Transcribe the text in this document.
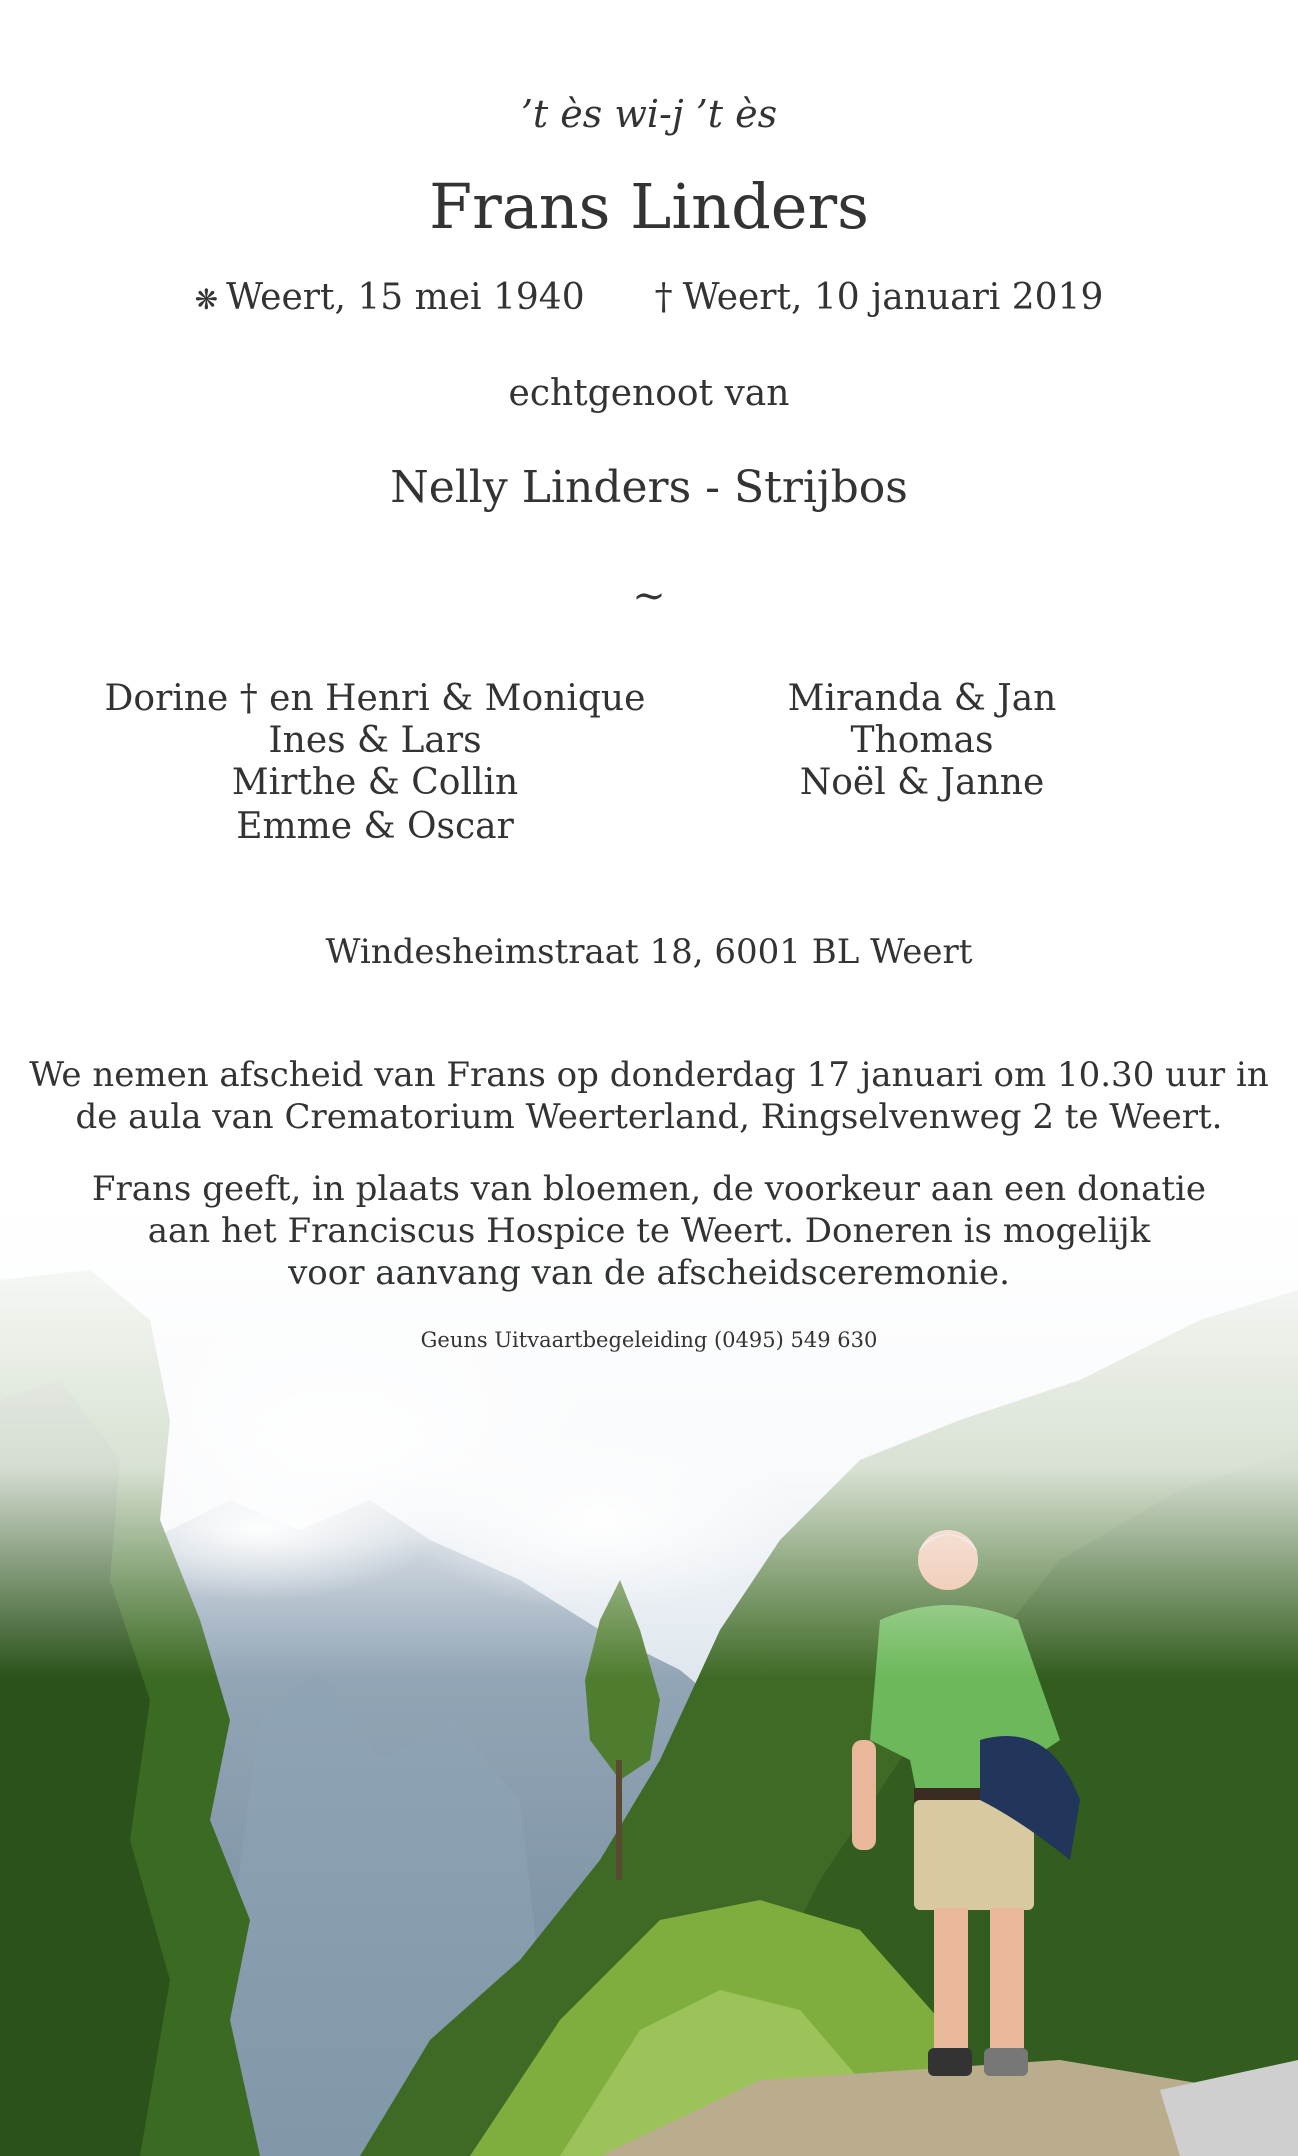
’t ès wi-j ’t ès
Frans Linders
❋ Weert, 15 mei 1940 † Weert, 10 januari 2019
echtgenoot van
Nelly Linders - Strijbos
∼
Dorine † en Henri & Monique
Ines & Lars
Mirthe & Collin
Emme & Oscar
Miranda & Jan
Thomas
Noël & Janne
Windesheimstraat 18, 6001 BL Weert
We nemen afscheid van Frans op donderdag 17 januari om 10.30 uur in
de aula van Crematorium Weerterland, Ringselvenweg 2 te Weert.
Frans geeft, in plaats van bloemen, de voorkeur aan een donatie
aan het Franciscus Hospice te Weert. Doneren is mogelijk
voor aanvang van de afscheidsceremonie.
Geuns Uitvaartbegeleiding (0495) 549 630
